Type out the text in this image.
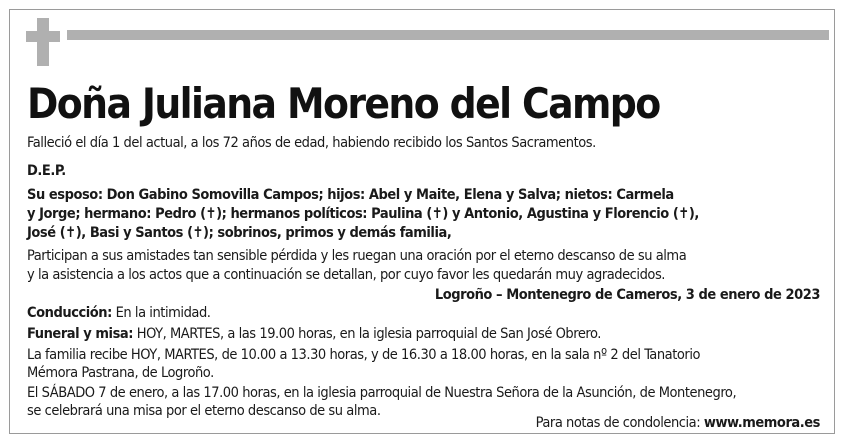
Doña Juliana Moreno del Campo
Falleció el día 1 del actual, a los 72 años de edad, habiendo recibido los Santos Sacramentos.
D.E.P.
Su esposo: Don Gabino Somovilla Campos; hijos: Abel y Maite, Elena y Salva; nietos: Carmela
y Jorge; hermano: Pedro (✝); hermanos políticos: Paulina (✝) y Antonio, Agustina y Florencio (✝),
José (✝), Basi y Santos (✝); sobrinos, primos y demás familia,
Participan a sus amistades tan sensible pérdida y les ruegan una oración por el eterno descanso de su alma
y la asistencia a los actos que a continuación se detallan, por cuyo favor les quedarán muy agradecidos.
Logroño – Montenegro de Cameros, 3 de enero de 2023
Conducción: En la intimidad.
Funeral y misa: HOY, MARTES, a las 19.00 horas, en la iglesia parroquial de San José Obrero.
La familia recibe HOY, MARTES, de 10.00 a 13.30 horas, y de 16.30 a 18.00 horas, en la sala nº 2 del Tanatorio
Mémora Pastrana, de Logroño.
El SÁBADO 7 de enero, a las 17.00 horas, en la iglesia parroquial de Nuestra Señora de la Asunción, de Montenegro,
se celebrará una misa por el eterno descanso de su alma.
Para notas de condolencia: www.memora.es
